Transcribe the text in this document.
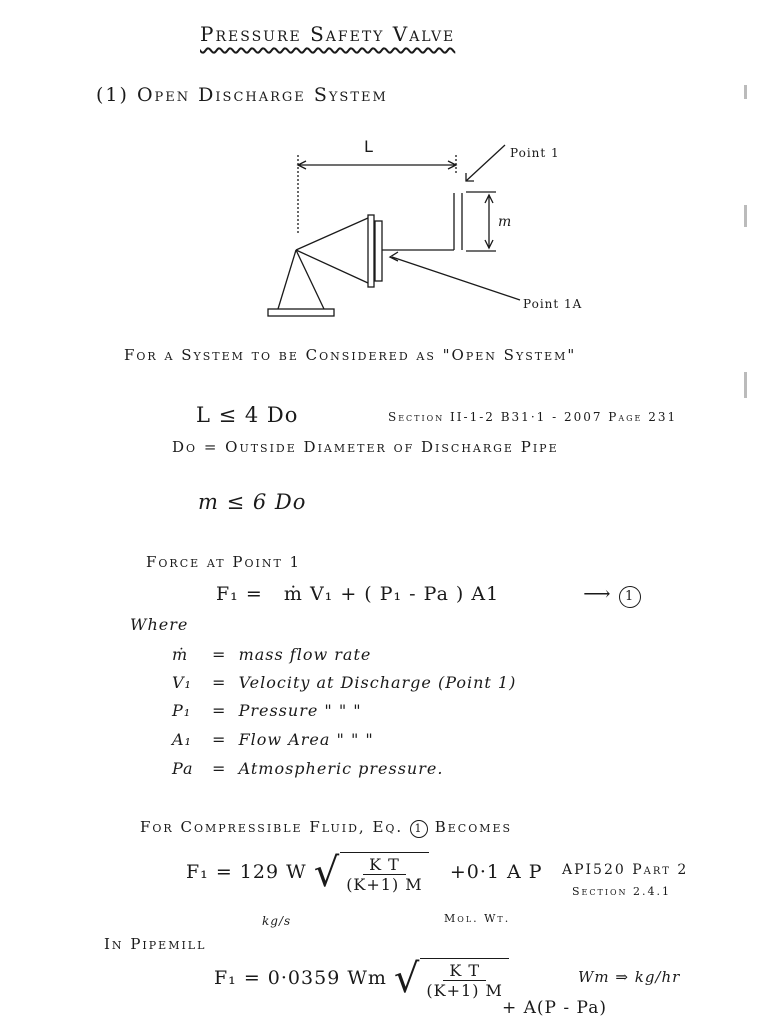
Pressure Safety Valve
(1) Open Discharge System
L
m
Point 1
Point 1A
For a System to be Considered as "Open System"
L ≤ 4 Do	Section II-1-2 B31·1 - 2007 Page 231
Do = Outside Diameter of Discharge Pipe
m ≤ 6 Do
Force at Point 1
F₁ = ṁ V₁ + ( P₁ - Pa ) A1	⟶ 1
Where
ṁ =  mass flow rate
V₁ =  Velocity at Discharge (Point 1)
P₁ =  Pressure " " "
A₁ =  Flow Area " " "
Pa =  Atmospheric pressure.
For Compressible Fluid, Eq. 1 Becomes
F₁ = 129 W √ $\frac{\text{K T}}{(K+1) M} +0\cdot 1$ A P API520 Part 2
Section 2.4.1
kg/s	Mol. Wt.
In Pipemill
F₁ = 0·0359 Wm √ $\frac{\text{K T}}{(K+1) M}$	Wm ⇒ kg/hr
+ A(P - Pa)
